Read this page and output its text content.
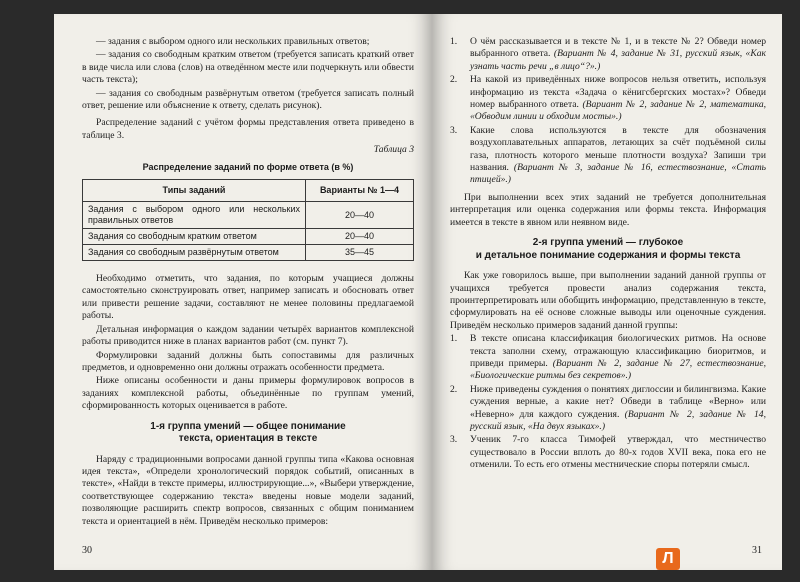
— задания с выбором одного или нескольких правильных ответов;

— задания со свободным кратким ответом (требуется записать краткий ответ в виде числа или слова (слов) на отведённом месте или подчеркнуть или обвести часть текста);

— задания со свободным развёрнутым ответом (требуется записать полный ответ, решение или объяснение к ответу, сделать рисунок).

Распределение заданий с учётом формы представления ответа приведено в таблице 3.

Таблица 3

Распределение заданий по форме ответа (в %)

Типы заданий	Варианты № 1—4
Задания с выбором одного или нескольких правильных ответов	20—40
Задания со свободным кратким ответом	20—40
Задания со свободным развёрнутым ответом	35—45

Необходимо отметить, что задания, по которым учащиеся должны самостоятельно сконструировать ответ, например записать и обосновать ответ или привести решение задачи, составляют не менее половины предлагаемой работы.

Детальная информация о каждом задании четырёх вариантов комплексной работы приводится ниже в планах вариантов работ (см. пункт 7).

Формулировки заданий должны быть сопоставимы для различных предметов, и одновременно они должны отражать особенности предмета.

Ниже описаны особенности и даны примеры формулировок вопросов в заданиях комплексной работы, объединённые по группам умений, сформированность которых оценивается в работе.

1-я группа умений — общее понимание
текста, ориентация в тексте

Наряду с традиционными вопросами данной группы типа «Какова основная идея текста», «Определи хронологический порядок событий, описанных в тексте», «Найди в тексте примеры, иллюстрирующие...», «Выбери утверждение, соответствующее содержанию текста» введены новые модели заданий, позволяющие расширить спектр вопросов, связанных с общим пониманием текста и ориентацией в нём. Приведём несколько примеров:

30
1.	О чём рассказывается и в тексте № 1, и в тексте № 2? Обведи номер выбранного ответа. (Вариант № 4, задание № 31, русский язык, «Как узнать часть речи „в лицо“?».)
2.	На какой из приведённых ниже вопросов нельзя ответить, используя информацию из текста «Задача о кёнигсбергских мостах»? Обведи номер выбранного ответа. (Вариант № 2, задание № 2, математика, «Обводим линии и обходим мосты».)
3.	Какие слова используются в тексте для обозначения воздухоплавательных аппаратов, летающих за счёт подъёмной силы газа, плотность которого меньше плотности воздуха? Запиши три названия. (Вариант № 3, задание № 16, естествознание, «Стать птицей».)

При выполнении всех этих заданий не требуется дополнительная интерпретация или оценка содержания или формы текста. Информация имеется в тексте в явном или неявном виде.

2-я группа умений — глубокое
и детальное понимание содержания и формы текста

Как уже говорилось выше, при выполнении заданий данной группы от учащихся требуется провести анализ содержания текста, проинтерпретировать или обобщить информацию, представленную в тексте, сформулировать на её основе сложные выводы или оценочные суждения. Приведём несколько примеров заданий данной группы:

1.	В тексте описана классификация биологических ритмов. На основе текста заполни схему, отражающую классификацию биоритмов, и приведи примеры. (Вариант № 2, задание № 27, естествознание, «Биологические ритмы без секретов».)
2.	Ниже приведены суждения о понятиях диглоссии и билингвизма. Какие суждения верные, а какие нет? Обведи в таблице «Верно» или «Неверно» для каждого суждения. (Вариант № 2, задание № 14, русский язык, «На двух языках».)
3.	Ученик 7-го класса Тимофей утверждал, что местничество существовало в России вплоть до 80-х годов XVII века, пока его не отменили. То есть его отмены местнические споры потеряли смысл.
31
Л
